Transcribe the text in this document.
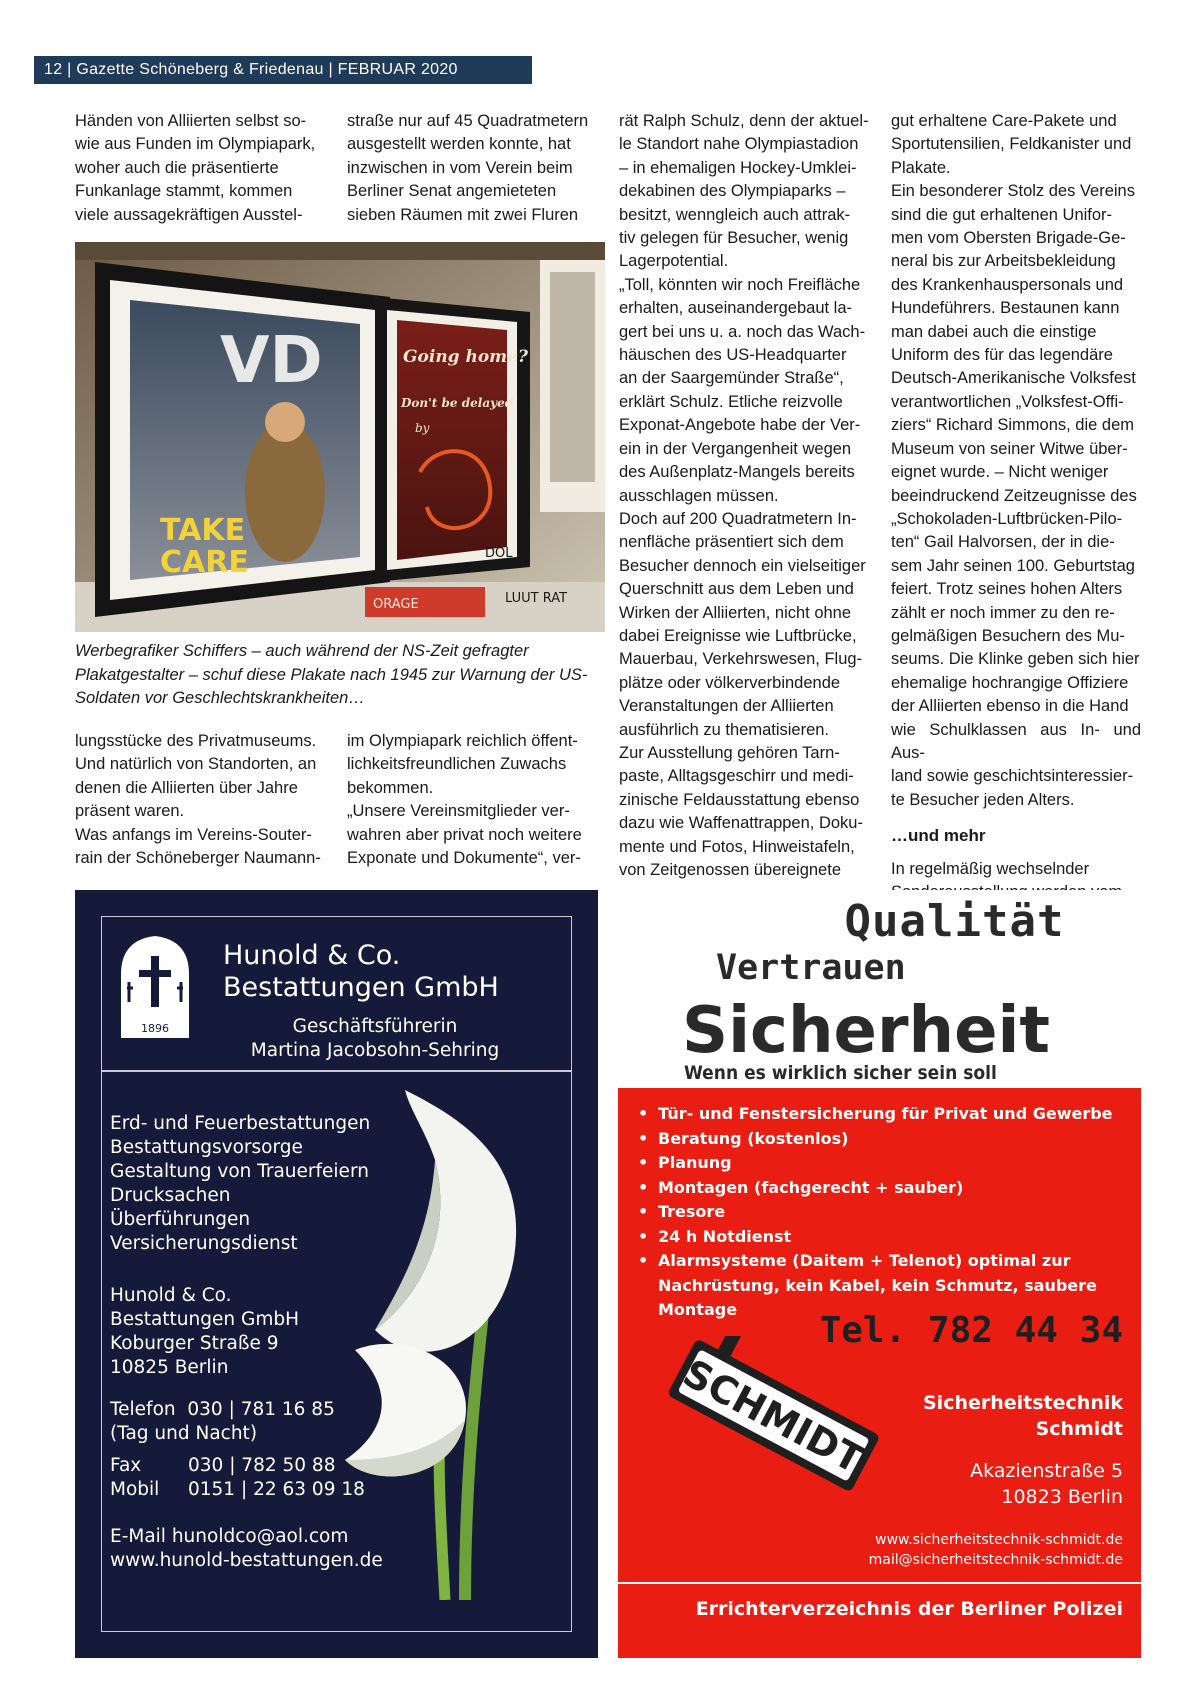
12 | Gazette Schöneberg & Friedenau | FEBRUAR 2020

Händen von Alliierten selbst so-

wie aus Funden im Olympiapark,

woher auch die präsentierte

Funkanlage stammt, kommen

viele aussagekräftigen Ausstel-

straße nur auf 45 Quadratmetern

ausgestellt werden konnte, hat

inzwischen in vom Verein beim

Berliner Senat angemieteten

sieben Räumen mit zwei Fluren

VD
TAKE
CARE
Going home?
Don't be delayed
by
DOL
ORAGE	LUUT RAT
Werbegrafiker Schiffers – auch während der NS-Zeit gefragter Plakatgestalter – schuf diese Plakate nach 1945 zur Warnung der US-Soldaten vor Geschlechtskrankheiten…

lungsstücke des Privatmuseums.

Und natürlich von Standorten, an

denen die Alliierten über Jahre

präsent waren.

Was anfangs im Vereins-Souter-

rain der Schöneberger Naumann-

im Olympiapark reichlich öffent-

lichkeitsfreundlichen Zuwachs

bekommen.

„Unsere Vereinsmitglieder ver-

wahren aber privat noch weitere

Exponate und Dokumente“, ver-

rät Ralph Schulz, denn der aktuel-

le Standort nahe Olympiastadion

– in ehemaligen Hockey-Umklei-

dekabinen des Olympiaparks –

besitzt, wenngleich auch attrak-

tiv gelegen für Besucher, wenig

Lagerpotential.

„Toll, könnten wir noch Freifläche

erhalten, auseinandergebaut la-

gert bei uns u. a. noch das Wach-

häuschen des US-Headquarter

an der Saargemünder Straße“,

erklärt Schulz. Etliche reizvolle

Exponat-Angebote habe der Ver-

ein in der Vergangenheit wegen

des Außenplatz-Mangels bereits

ausschlagen müssen.

Doch auf 200 Quadratmetern In-

nenfläche präsentiert sich dem

Besucher dennoch ein vielseitiger

Querschnitt aus dem Leben und

Wirken der Alliierten, nicht ohne

dabei Ereignisse wie Luftbrücke,

Mauerbau, Verkehrswesen, Flug-

plätze oder völkerverbindende

Veranstaltungen der Alliierten

ausführlich zu thematisieren.

Zur Ausstellung gehören Tarn-

paste, Alltagsgeschirr und medi-

zinische Feldausstattung ebenso

dazu wie Waffenattrappen, Doku-

mente und Fotos, Hinweistafeln,

von Zeitgenossen übereignete

gut erhaltene Care-Pakete und

Sportutensilien, Feldkanister und

Plakate.

Ein besonderer Stolz des Vereins

sind die gut erhaltenen Unifor-

men vom Obersten Brigade-Ge-

neral bis zur Arbeitsbekleidung

des Krankenhauspersonals und

Hundeführers. Bestaunen kann

man dabei auch die einstige

Uniform des für das legendäre

Deutsch-Amerikanische Volksfest

verantwortlichen „Volksfest-Offi-

ziers“ Richard Simmons, die dem

Museum von seiner Witwe über-

eignet wurde. – Nicht weniger

beeindruckend Zeitzeugnisse des

„Schokoladen-Luftbrücken-Pilo-

ten“ Gail Halvorsen, der in die-

sem Jahr seinen 100. Geburtstag

feiert. Trotz seines hohen Alters

zählt er noch immer zu den re-

gelmäßigen Besuchern des Mu-

seums. Die Klinke geben sich hier

ehemalige hochrangige Offiziere

der Alliierten ebenso in die Hand

wie Schulklassen aus In- und Aus-

land sowie geschichtsinteressier-

te Besucher jeden Alters.

…und mehr

In regelmäßig wechselnder

1896
Hunold & Co.
Bestattungen GmbH
Geschäftsführerin
Martina Jacobsohn-Sehring
Erd- und Feuerbestattungen
Bestattungsvorsorge
Gestaltung von Trauerfeiern
Drucksachen
Überführungen
Versicherungsdienst
Hunold & Co.
Bestattungen GmbH
Koburger Straße 9
10825 Berlin
Telefon 030 | 781 16 85
(Tag und Nacht)
Fax	030 | 782 50 88
Mobil 0151 | 22 63 09 18
E-Mail hunoldco@aol.com
www.hunold-bestattungen.de
Qualität
Vertrauen
Sicherheit
Wenn es wirklich sicher sein soll
• Tür- und Fenstersicherung für Privat und Gewerbe
• Beratung (kostenlos)
• Planung
• Montagen (fachgerecht + sauber)
• Tresore
• 24 h Notdienst
• Alarmsysteme (Daitem + Telenot) optimal zur Nachrüstung, kein Kabel, kein Schmutz, saubere Montage
Tel. 782 44 34
SCHMIDT	Sicherheitstechnik
Schmidt
Akazienstraße 5
10823 Berlin
www.sicherheitstechnik-schmidt.de
mail@sicherheitstechnik-schmidt.de
Errichterverzeichnis der Berliner Polizei
